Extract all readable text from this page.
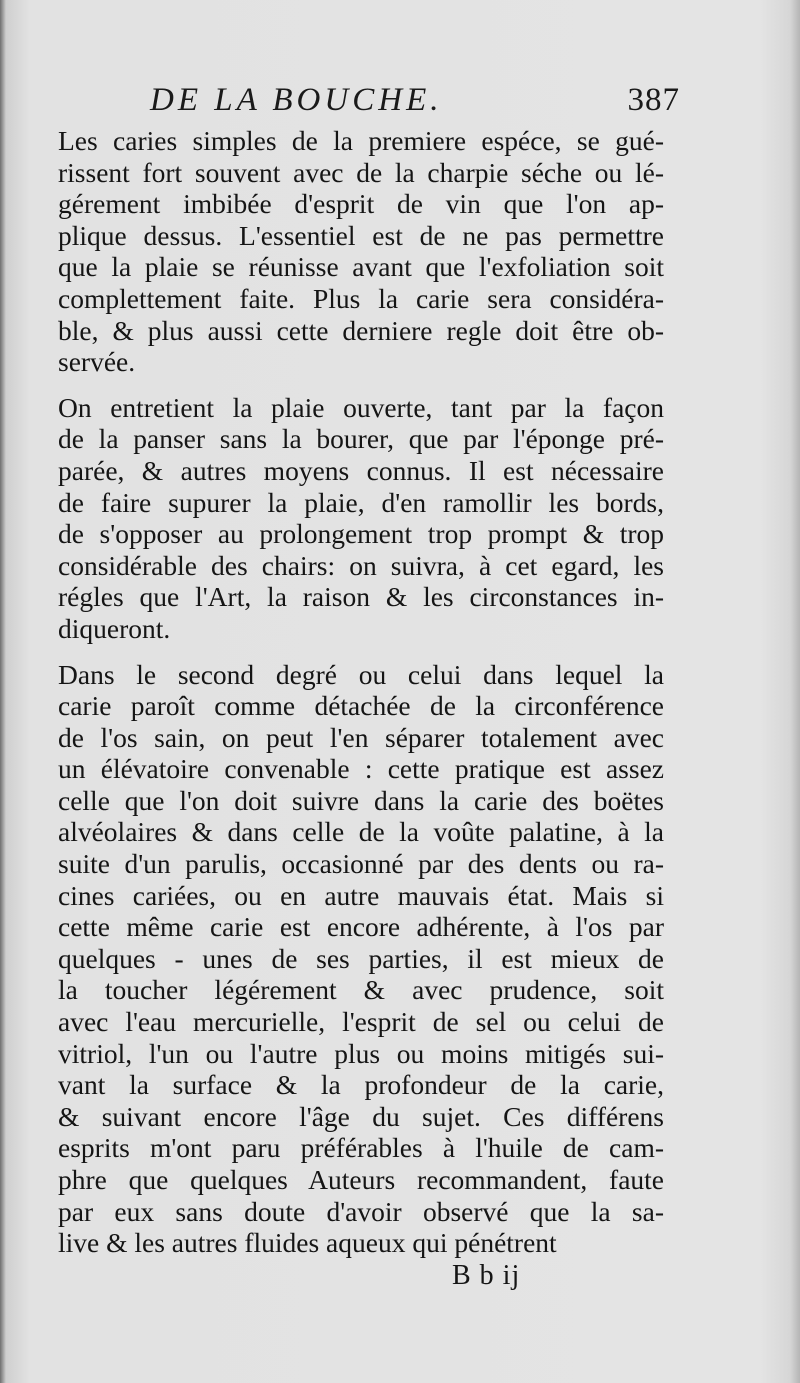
DE LA BOUCHE.	387
Les caries simples de la premiere espéce, se gué-
rissent fort souvent avec de la charpie séche ou lé-
gérement imbibée d'esprit de vin que l'on ap-
plique dessus. L'essentiel est de ne pas permettre
que la plaie se réunisse avant que l'exfoliation soit
complettement faite. Plus la carie sera considéra-
ble, & plus aussi cette derniere regle doit être ob-
servée.
On entretient la plaie ouverte, tant par la façon
de la panser sans la bourer, que par l'éponge pré-
parée, & autres moyens connus. Il est nécessaire
de faire supurer la plaie, d'en ramollir les bords,
de s'opposer au prolongement trop prompt & trop
considérable des chairs: on suivra, à cet egard, les
régles que l'Art, la raison & les circonstances in-
diqueront.
Dans le second degré ou celui dans lequel la
carie paroît comme détachée de la circonférence
de l'os sain, on peut l'en séparer totalement avec
un élévatoire convenable : cette pratique est assez
celle que l'on doit suivre dans la carie des boëtes
alvéolaires & dans celle de la voûte palatine, à la
suite d'un parulis, occasionné par des dents ou ra-
cines cariées, ou en autre mauvais état. Mais si
cette même carie est encore adhérente, à l'os par
quelques - unes de ses parties, il est mieux de
la toucher légérement & avec prudence, soit
avec l'eau mercurielle, l'esprit de sel ou celui de
vitriol, l'un ou l'autre plus ou moins mitigés sui-
vant la surface & la profondeur de la carie,
& suivant encore l'âge du sujet. Ces différens
esprits m'ont paru préférables à l'huile de cam-
phre que quelques Auteurs recommandent, faute
par eux sans doute d'avoir observé que la sa-
live & les autres fluides aqueux qui pénétrent
B b ij
